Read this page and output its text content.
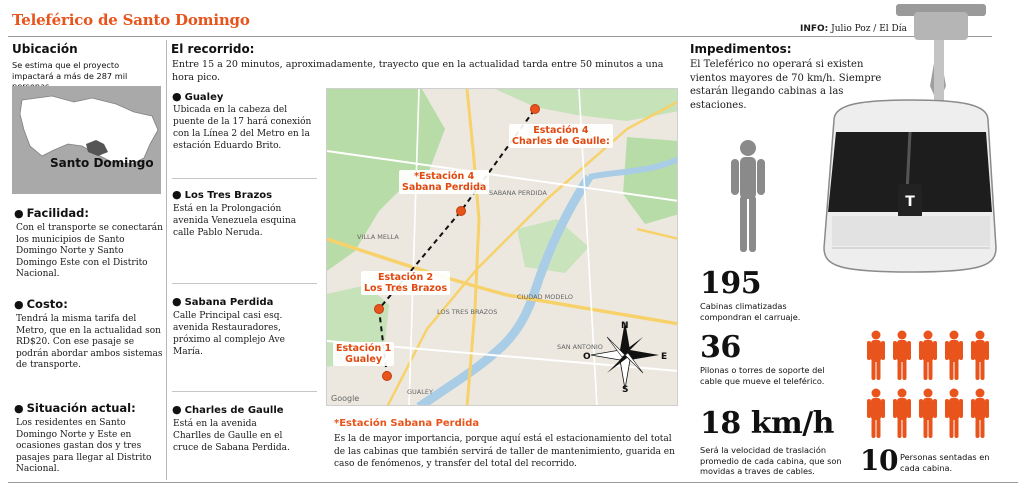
Teleférico de Santo Domingo	INFO: Julio Poz / El Día
Ubicación
Se estima que el proyecto impactará a más de 287 mil
Santo Domingo
● Facilidad:
Con el transporte se conectarán los municipios de Santo Domingo Norte y Santo Domingo Este con el Distrito Nacional.
● Costo:
Tendrá la misma tarifa del Metro, que en la actualidad son RD$20. Con ese pasaje se podrán abordar ambos sistemas de transporte.
● Situación actual:
Los residentes en Santo Domingo Norte y Este en ocasiones gastan dos y tres pasajes para llegar al Distrito Nacional.
El recorrido:
Entre 15 a 20 minutos, aproximadamente, trayecto que en la actualidad tarda entre 50 minutos a una hora pico.
● Gualey
Ubicada en la cabeza del puente de la 17 hará conexión con la Línea 2 del Metro en la estación Eduardo Brito.
● Los Tres Brazos
Está en la Prolongación avenida Venezuela esquina calle Pablo Neruda.
● Sabana Perdida
Calle Principal casi esq. avenida Restauradores, próximo al complejo Ave María.
● Charles de Gaulle
Está en la avenida Charlles de Gaulle en el cruce de Sabana Perdida.
VILLA MELLA
SABANA PERDIDA
LOS TRES BRAZOS
GUALEY
CIUDAD MODELO
SAN ANTONIO
N
S
E
O
Google
Estación 1
Gualey
Estación 2
Los Tres Brazos
*Estación 4
Sabana Perdida
Estación 4
Charles de Gaulle:
*Estación Sabana Perdida
Es la de mayor importancia, porque aquí está el estacionamiento del total de las cabinas que también servirá de taller de mantenimiento, guarida en caso de fenómenos, y transfer del total del recorrido.
Impedimentos:
El Teleférico no operará si existen vientos mayores de 70 km/h. Siempre estarán llegando cabinas a las estaciones.
T
195
Cabinas climatizadas compondran el carruaje.
36
Pilonas o torres de soporte del cable que mueve el teleférico.
18 km/h
Será la velocidad de traslación promedio de cada cabina, que son movidas a traves de cables.	10 Personas sentadas en cada cabina.
